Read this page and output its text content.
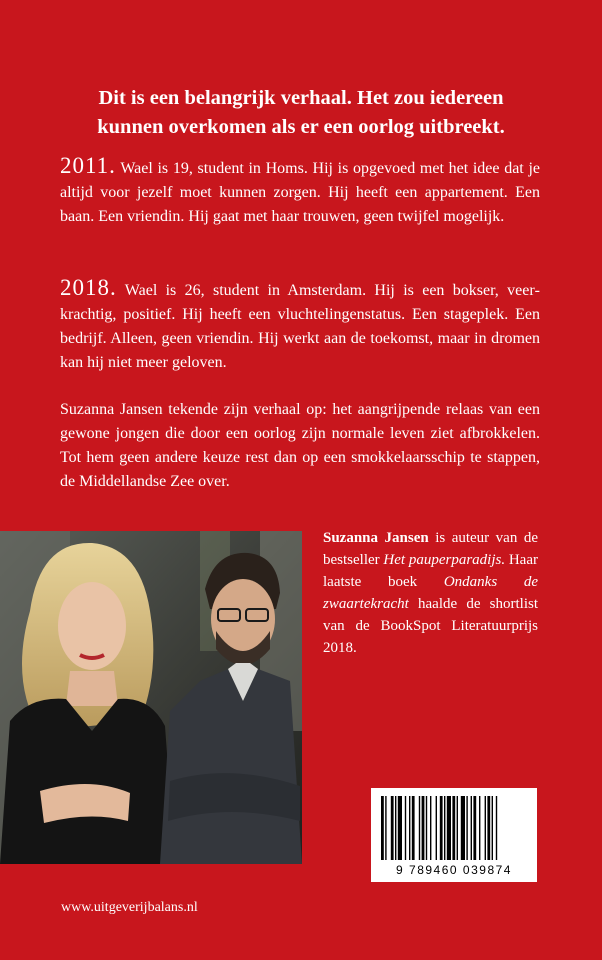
Dit is een belangrijk verhaal. Het zou iedereen
kunnen overkomen als er een oorlog uitbreekt.

2011. Wael is 19, student in Homs. Hij is opgevoed met het idee dat je altijd voor jezelf moet kunnen zorgen. Hij heeft een appartement. Een baan. Een vriendin. Hij gaat met haar trouwen, geen twijfel mogelijk.

2018. Wael is 26, student in Amsterdam. Hij is een bokser, veerkrachtig, positief. Hij heeft een vluchtelingenstatus. Een stageplek. Een bedrijf. Alleen, geen vriendin. Hij werkt aan de toekomst, maar in dromen kan hij niet meer geloven.

Suzanna Jansen tekende zijn verhaal op: het aangrijpende relaas van een gewone jongen die door een oorlog zijn normale leven ziet afbrokkelen. Tot hem geen andere keuze rest dan op een smokkelaarsschip te stappen, de Middellandse Zee over.

Suzanna Jansen is auteur van de bestseller Het pauperparadijs. Haar laatste boek Ondanks de zwaartekracht haalde de shortlist van de BookSpot Literatuurprijs 2018.

9 789460 039874

www.uitgeverijbalans.nl
